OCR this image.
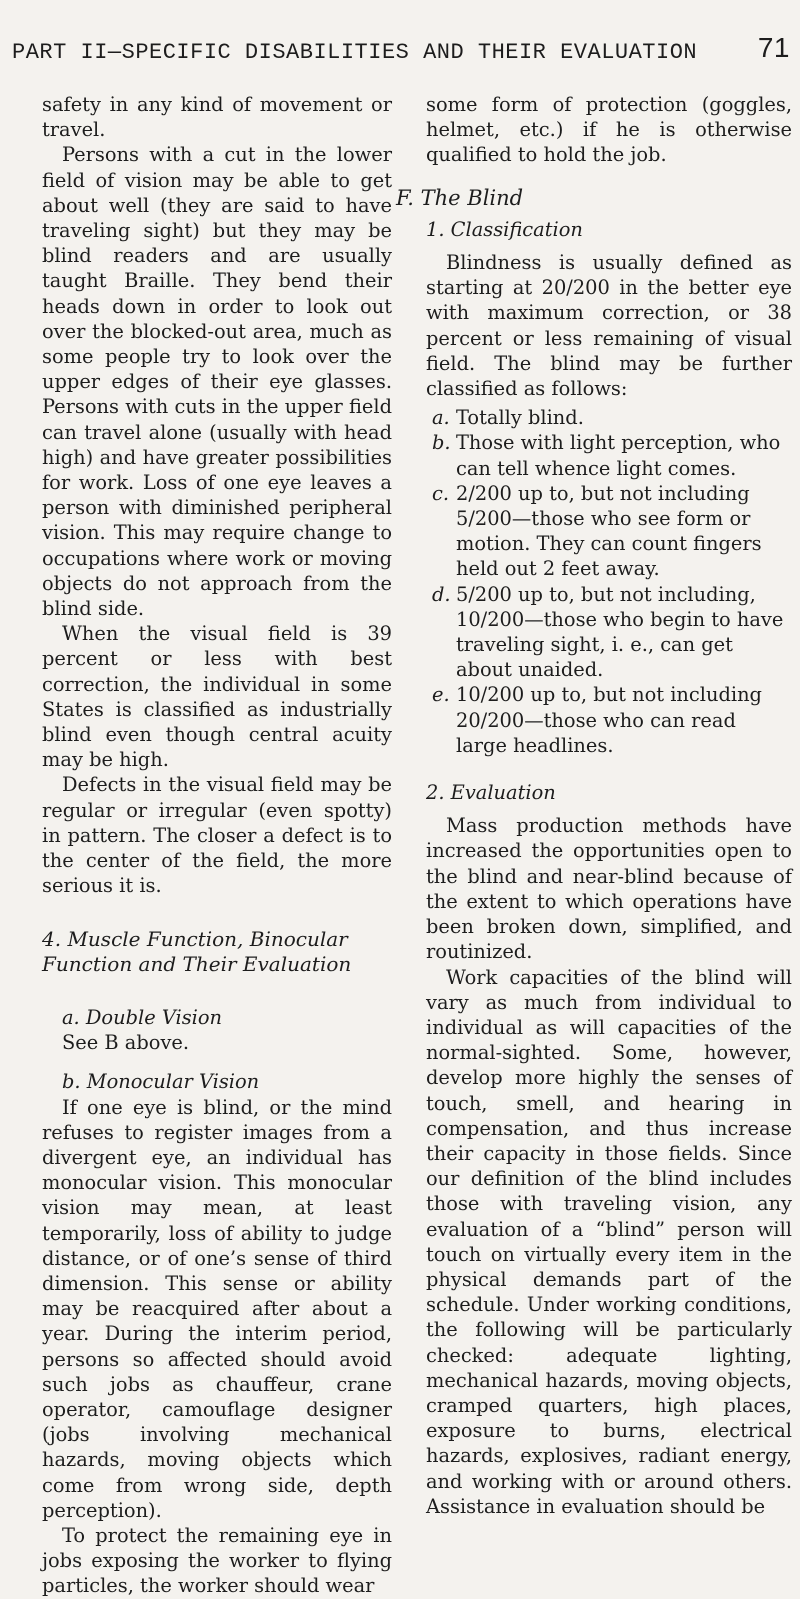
PART II—SPECIFIC DISABILITIES AND THEIR EVALUATION 71

safety in any kind of movement or travel.

Persons with a cut in the lower field of vision may be able to get about well (they are said to have traveling sight) but they may be blind readers and are usually taught Braille. They bend their heads down in order to look out over the blocked-out area, much as some people try to look over the upper edges of their eye glasses. Persons with cuts in the upper field can travel alone (usually with head high) and have greater possibilities for work. Loss of one eye leaves a person with diminished peripheral vision. This may require change to occupations where work or moving objects do not approach from the blind side.

When the visual field is 39 percent or less with best correction, the individual in some States is classified as industrially blind even though central acuity may be high.

Defects in the visual field may be regular or irregular (even spotty) in pattern. The closer a defect is to the center of the field, the more serious it is.

4. Muscle Function, Binocular Function and Their Evaluation

a. Double Vision

See B above.

b. Monocular Vision

If one eye is blind, or the mind refuses to register images from a divergent eye, an individual has monocular vision. This monocular vision may mean, at least temporarily, loss of ability to judge distance, or of one’s sense of third dimension. This sense or ability may be reacquired after about a year. During the interim period, persons so affected should avoid such jobs as chauffeur, crane operator, camouflage designer (jobs involving mechanical hazards, moving objects which come from wrong side, depth perception).

To protect the remaining eye in jobs exposing the worker to flying particles, the worker should wear

some form of protection (goggles, helmet, etc.) if he is otherwise qualified to hold the job.

F. The Blind

1. Classification

Blindness is usually defined as starting at 20/200 in the better eye with maximum correction, or 38 percent or less remaining of visual field. The blind may be further classified as follows:

a. Totally blind.
b. Those with light perception, who can tell whence light comes.
c. 2/200 up to, but not including 5/200—those who see form or motion. They can count fingers held out 2 feet away.
d. 5/200 up to, but not including, 10/200—those who begin to have traveling sight, i. e., can get about unaided.
e. 10/200 up to, but not including 20/200—those who can read large headlines.

2. Evaluation

Mass production methods have increased the opportunities open to the blind and near-blind because of the extent to which operations have been broken down, simplified, and routinized.

Work capacities of the blind will vary as much from individual to individual as will capacities of the normal-sighted. Some, however, develop more highly the senses of touch, smell, and hearing in compensation, and thus increase their capacity in those fields. Since our definition of the blind includes those with traveling vision, any evaluation of a “blind” person will touch on virtually every item in the physical demands part of the schedule. Under working conditions, the following will be particularly checked: adequate lighting, mechanical hazards, moving objects, cramped quarters, high places, exposure to burns, electrical hazards, explosives, radiant energy, and working with or around others. Assistance in evaluation should be
